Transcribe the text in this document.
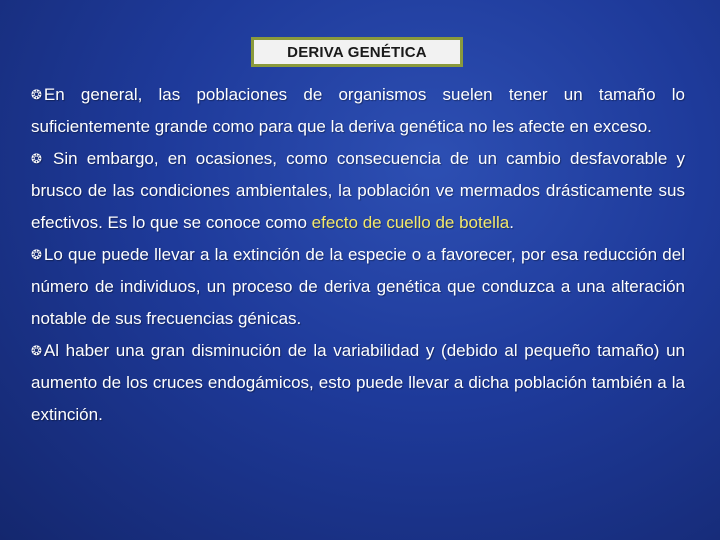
DERIVA GENÉTICA

❂ En general, las poblaciones de organismos suelen tener un tamaño lo suficientemente grande como para que la deriva genética no les afecte en exceso.

❂ Sin embargo, en ocasiones, como consecuencia de un cambio desfavorable y brusco de las condiciones ambientales, la población ve mermados drásticamente sus efectivos. Es lo que se conoce como efecto de cuello de botella.

❂ Lo que puede llevar a la extinción de la especie o a favorecer, por esa reducción del número de individuos, un proceso de deriva genética que conduzca a una alteración notable de sus frecuencias génicas.

❂ Al haber una gran disminución de la variabilidad y (debido al pequeño tamaño) un aumento de los cruces endogámicos, esto puede llevar a dicha población también a la extinción.
